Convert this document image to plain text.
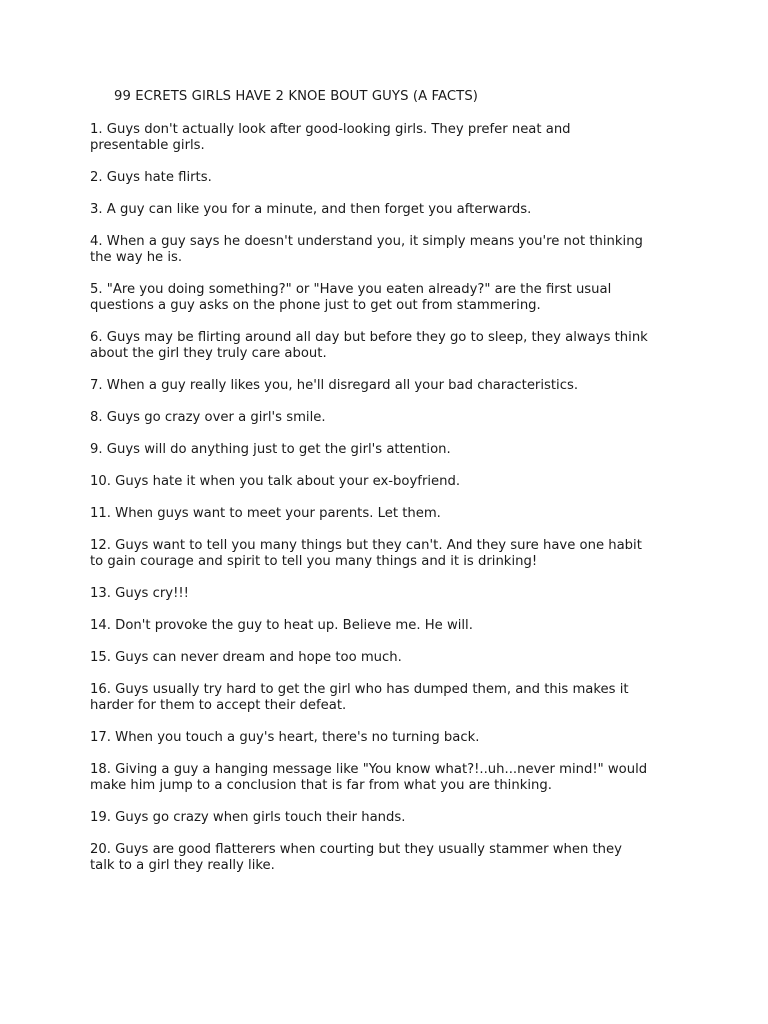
99 ECRETS GIRLS HAVE 2 KNOE BOUT GUYS (A FACTS)
1. Guys don't actually look after good-looking girls. They prefer neat and
presentable girls.
2. Guys hate flirts.
3. A guy can like you for a minute, and then forget you afterwards.
4. When a guy says he doesn't understand you, it simply means you're not thinking
the way he is.
5. "Are you doing something?" or "Have you eaten already?" are the first usual
questions a guy asks on the phone just to get out from stammering.
6. Guys may be flirting around all day but before they go to sleep, they always think
about the girl they truly care about.
7. When a guy really likes you, he'll disregard all your bad characteristics.
8. Guys go crazy over a girl's smile.
9. Guys will do anything just to get the girl's attention.
10. Guys hate it when you talk about your ex-boyfriend.
11. When guys want to meet your parents. Let them.
12. Guys want to tell you many things but they can't. And they sure have one habit
to gain courage and spirit to tell you many things and it is drinking!
13. Guys cry!!!
14. Don't provoke the guy to heat up. Believe me. He will.
15. Guys can never dream and hope too much.
16. Guys usually try hard to get the girl who has dumped them, and this makes it
harder for them to accept their defeat.
17. When you touch a guy's heart, there's no turning back.
18. Giving a guy a hanging message like "You know what?!..uh...never mind!" would
make him jump to a conclusion that is far from what you are thinking.
19. Guys go crazy when girls touch their hands.
20. Guys are good flatterers when courting but they usually stammer when they
talk to a girl they really like.
